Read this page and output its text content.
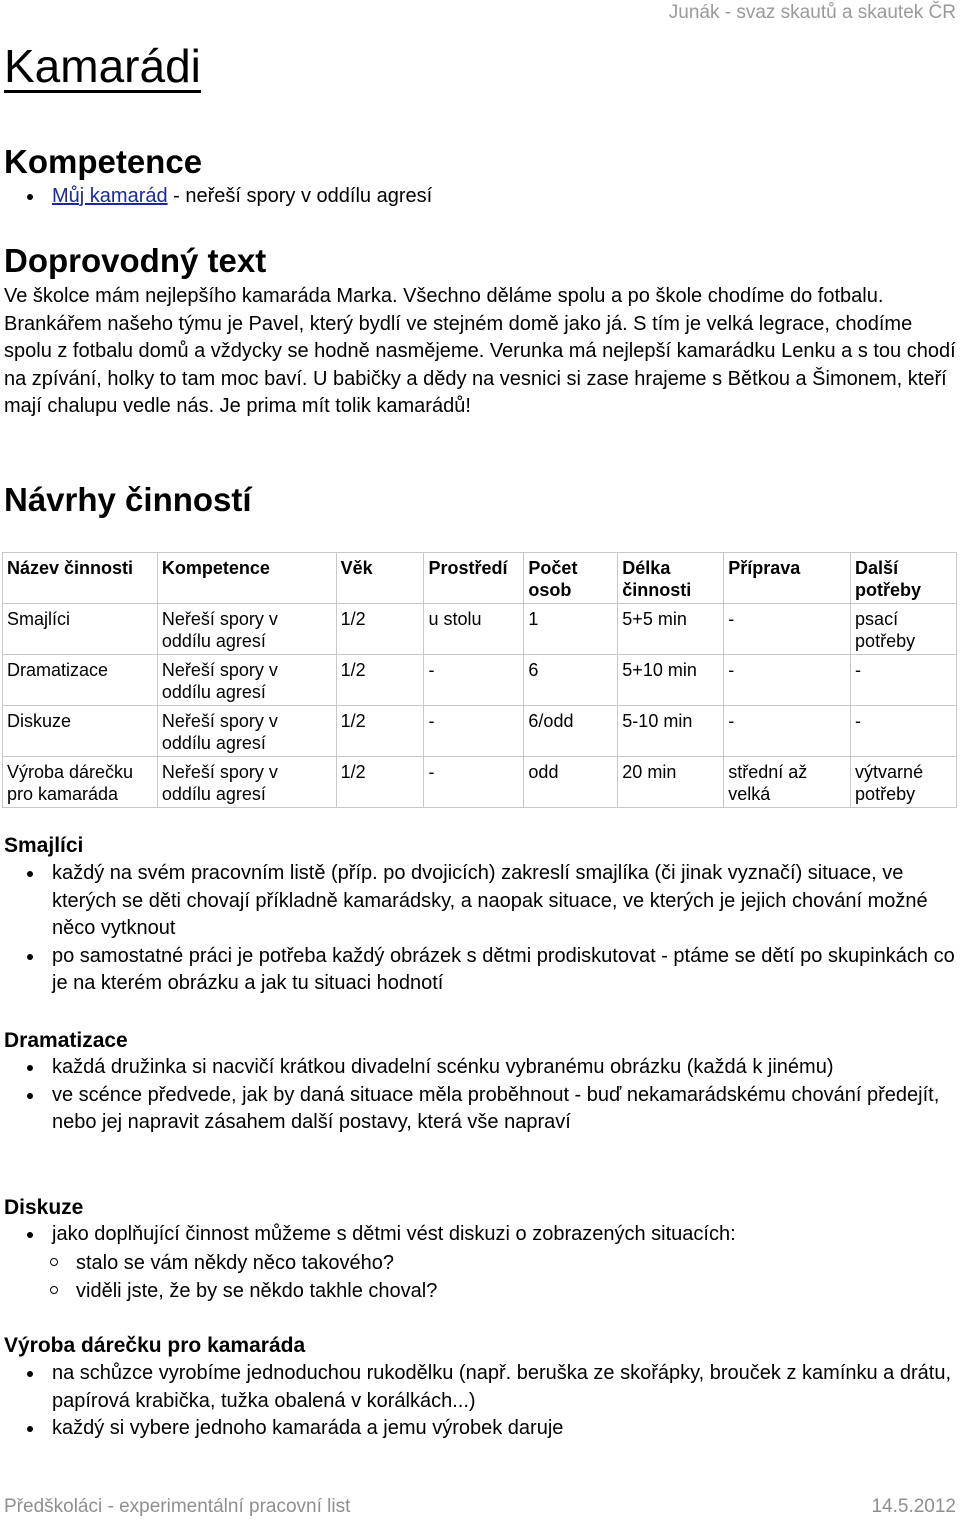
Junák - svaz skautů a skautek ČR
Kamarádi
Kompetence
Můj kamarád - neřeší spory v oddílu agresí
Doprovodný text
Ve školce mám nejlepšího kamaráda Marka. Všechno děláme spolu a po škole chodíme do fotbalu. Brankářem našeho týmu je Pavel, který bydlí ve stejném domě jako já. S tím je velká legrace, chodíme spolu z fotbalu domů a vždycky se hodně nasmějeme. Verunka má nejlepší kamarádku Lenku a s tou chodí na zpívání, holky to tam moc baví. U babičky a dědy na vesnici si zase hrajeme s Bětkou a Šimonem, kteří mají chalupu vedle nás. Je prima mít tolik kamarádů!
Návrhy činností
Název činnosti	Kompetence	Věk	Prostředí	Počet osob	Délka činnosti	Příprava	Další potřeby
Smajlíci	Neřeší spory v oddílu agresí	1/2	u stolu	1	5+5 min	-	psací potřeby
Dramatizace	Neřeší spory v oddílu agresí	1/2	-	6	5+10 min	-	-
Diskuze	Neřeší spory v oddílu agresí	1/2	-	6/odd	5-10 min	-	-
Výroba dárečku pro kamaráda	Neřeší spory v oddílu agresí	1/2	-	odd	20 min	střední až velká	výtvarné potřeby
Smajlíci
každý na svém pracovním listě (příp. po dvojicích) zakreslí smajlíka (či jinak vyznačí) situace, ve kterých se děti chovají příkladně kamarádsky, a naopak situace, ve kterých je jejich chování možné něco vytknout
po samostatné práci je potřeba každý obrázek s dětmi prodiskutovat - ptáme se dětí po skupinkách co je na kterém obrázku a jak tu situaci hodnotí
Dramatizace
každá družinka si nacvičí krátkou divadelní scénku vybranému obrázku (každá k jinému)
ve scénce předvede, jak by daná situace měla proběhnout - buď nekamarádskému chování předejít, nebo jej napravit zásahem další postavy, která vše napraví
Diskuze
jako doplňující činnost můžeme s dětmi vést diskuzi o zobrazených situacích:
stalo se vám někdy něco takového?
viděli jste, že by se někdo takhle choval?
Výroba dárečku pro kamaráda
na schůzce vyrobíme jednoduchou rukodělku (např. beruška ze skořápky, brouček z kamínku a drátu, papírová krabička, tužka obalená v korálkách...)
každý si vybere jednoho kamaráda a jemu výrobek daruje
Předškoláci - experimentální pracovní list	14.5.2012
